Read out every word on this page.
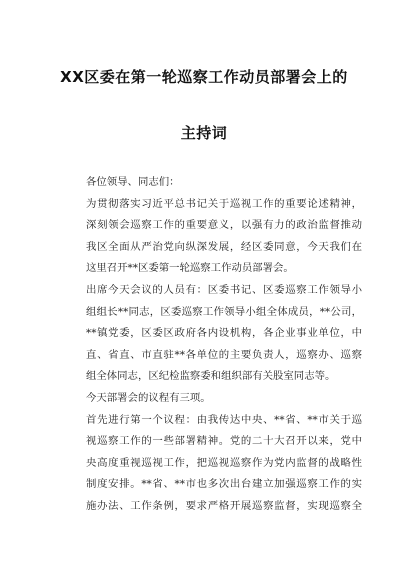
XX区委在第一轮巡察工作动员部署会上的
主持词
各位领导、同志们：
为贯彻落实习近平总书记关于巡视工作的重要论述精神，
深刻领会巡察工作的重要意义，以强有力的政治监督推动
我区全面从严治党向纵深发展，经区委同意，今天我们在
这里召开**区委第一轮巡察工作动员部署会。
出席今天会议的人员有：区委书记、区委巡察工作领导小
组组长**同志，区委巡察工作领导小组全体成员，**公司，
**镇党委，区委区政府各内设机构，各企业事业单位，中
直、省直、市直驻**各单位的主要负责人，巡察办、巡察
组全体同志，区纪检监察委和组织部有关股室同志等。
今天部署会的议程有三项。
首先进行第一个议程：由我传达中央、**省、**市关于巡
视巡察工作的一些部署精神。党的二十大召开以来，党中
央高度重视巡视工作，把巡视巡察作为党内监督的战略性
制度安排。**省、**市也多次出台建立加强巡察工作的实
施办法、工作条例，要求严格开展巡察监督，实现巡察全
